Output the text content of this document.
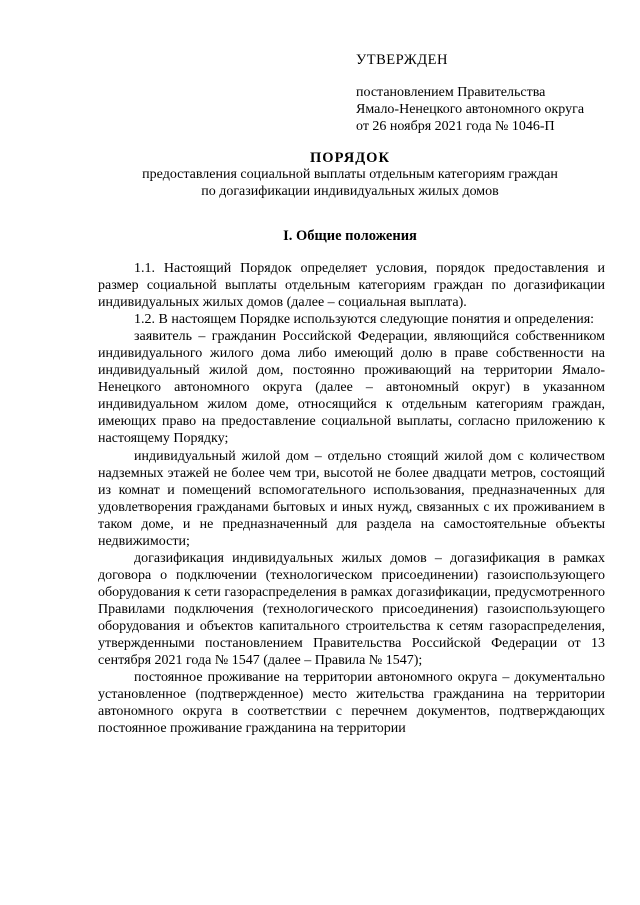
УТВЕРЖДЕН
постановлением Правительства
Ямало-Ненецкого автономного округа
от 26 ноября 2021 года № 1046-П
ПОРЯДОК
предоставления социальной выплаты отдельным категориям граждан
по догазификации индивидуальных жилых домов
I. Общие положения

1.1. Настоящий Порядок определяет условия, порядок предоставления и размер социальной выплаты отдельным категориям граждан по догазификации индивидуальных жилых домов (далее – социальная выплата).

1.2. В настоящем Порядке используются следующие понятия и определения:

заявитель – гражданин Российской Федерации, являющийся собственником индивидуального жилого дома либо имеющий долю в праве собственности на индивидуальный жилой дом, постоянно проживающий на территории Ямало-Ненецкого автономного округа (далее – автономный округ) в указанном индивидуальном жилом доме, относящийся к отдельным категориям граждан, имеющих право на предоставление социальной выплаты, согласно приложению к настоящему Порядку;

индивидуальный жилой дом – отдельно стоящий жилой дом с количеством надземных этажей не более чем три, высотой не более двадцати метров, состоящий из комнат и помещений вспомогательного использования, предназначенных для удовлетворения гражданами бытовых и иных нужд, связанных с их проживанием в таком доме, и не предназначенный для раздела на самостоятельные объекты недвижимости;

догазификация индивидуальных жилых домов – догазификация в рамках договора о подключении (технологическом присоединении) газоиспользующего оборудования к сети газораспределения в рамках догазификации, предусмотренного Правилами подключения (технологического присоединения) газоиспользующего оборудования и объектов капитального строительства к сетям газораспределения, утвержденными постановлением Правительства Российской Федерации от 13 сентября 2021 года № 1547 (далее – Правила № 1547);

постоянное проживание на территории автономного округа – документально установленное (подтвержденное) место жительства гражданина на территории автономного округа в соответствии с перечнем документов, подтверждающих постоянное проживание гражданина на территории
